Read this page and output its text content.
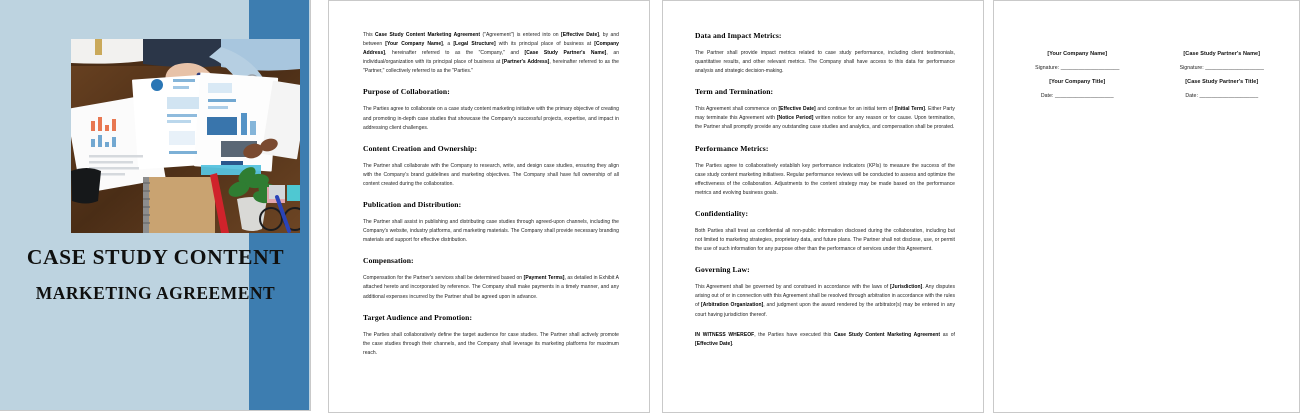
CASE STUDY CONTENT
MARKETING AGREEMENT

This Case Study Content Marketing Agreement ("Agreement") is entered into on [Effective Date], by and between [Your Company Name], a [Legal Structure] with its principal place of business at [Company Address], hereinafter referred to as the "Company," and [Case Study Partner's Name], an individual/organization with its principal place of business at [Partner's Address], hereinafter referred to as the "Partner," collectively referred to as the "Parties."

Purpose of Collaboration:

The Parties agree to collaborate on a case study content marketing initiative with the primary objective of creating and promoting in-depth case studies that showcase the Company's successful projects, expertise, and impact in addressing client challenges.

Content Creation and Ownership:

The Partner shall collaborate with the Company to research, write, and design case studies, ensuring they align with the Company's brand guidelines and marketing objectives. The Company shall have full ownership of all content created during the collaboration.

Publication and Distribution:

The Partner shall assist in publishing and distributing case studies through agreed-upon channels, including the Company's website, industry platforms, and marketing materials. The Company shall provide necessary branding materials and support for effective distribution.

Compensation:

Compensation for the Partner's services shall be determined based on [Payment Terms], as detailed in Exhibit A attached hereto and incorporated by reference. The Company shall make payments in a timely manner, and any additional expenses incurred by the Partner shall be agreed upon in advance.

Target Audience and Promotion:

The Parties shall collaboratively define the target audience for case studies. The Partner shall actively promote the case studies through their channels, and the Company shall leverage its marketing platforms for maximum reach.

Data and Impact Metrics:

The Partner shall provide impact metrics related to case study performance, including client testimonials, quantitative results, and other relevant metrics. The Company shall have access to this data for performance analysis and strategic decision-making.

Term and Termination:

This Agreement shall commence on [Effective Date] and continue for an initial term of [Initial Term]. Either Party may terminate this Agreement with [Notice Period] written notice for any reason or for cause. Upon termination, the Partner shall promptly provide any outstanding case studies and analytics, and compensation shall be prorated.

Performance Metrics:

The Parties agree to collaboratively establish key performance indicators (KPIs) to measure the success of the case study content marketing initiatives. Regular performance reviews will be conducted to assess and optimize the effectiveness of the collaboration. Adjustments to the content strategy may be made based on the performance metrics and evolving business goals.

Confidentiality:

Both Parties shall treat as confidential all non-public information disclosed during the collaboration, including but not limited to marketing strategies, proprietary data, and future plans. The Partner shall not disclose, use, or permit the use of such information for any purpose other than the performance of services under this Agreement.

Governing Law:

This Agreement shall be governed by and construed in accordance with the laws of [Jurisdiction]. Any disputes arising out of or in connection with this Agreement shall be resolved through arbitration in accordance with the rules of [Arbitration Organization], and judgment upon the award rendered by the arbitrator(s) may be entered in any court having jurisdiction thereof.

IN WITNESS WHEREOF, the Parties have executed this Case Study Content Marketing Agreement as of [Effective Date].

[Your Company Name]
Signature: ____________________
[Your Company Title]
Date: ____________________
[Case Study Partner's Name]
Signature: ____________________
[Case Study Partner's Title]
Date: ____________________
